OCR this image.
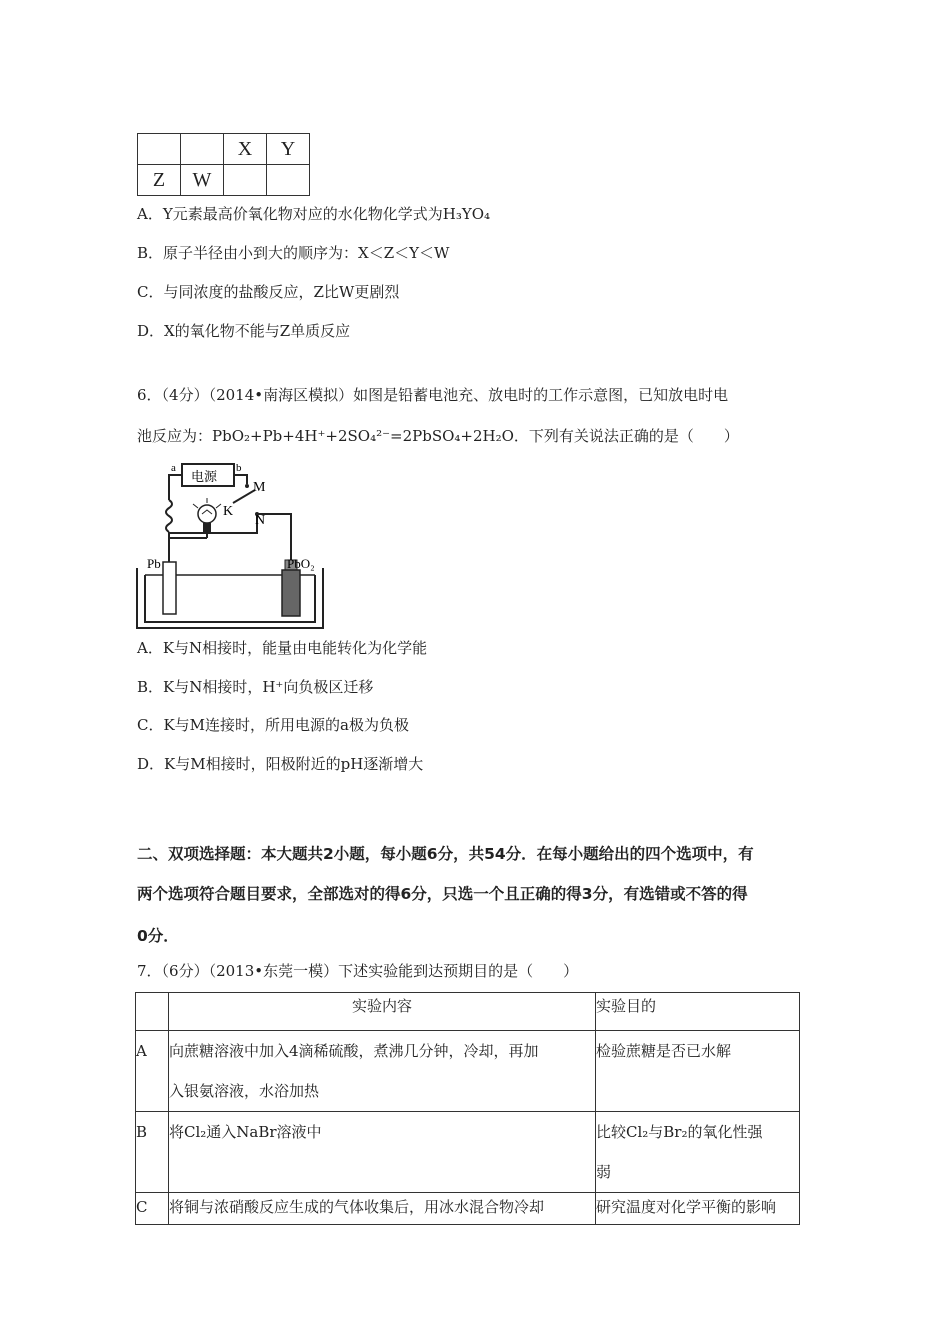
		X	Y
Z	W		
A．Y元素最高价氧化物对应的水化物化学式为H₃YO₄
B．原子半径由小到大的顺序为：X＜Z＜Y＜W
C．与同浓度的盐酸反应，Z比W更剧烈
D．X的氧化物不能与Z单质反应
6．（4分）（2014•南海区模拟）如图是铅蓄电池充、放电时的工作示意图，已知放电时电
池反应为：PbO₂+Pb+4H⁺+2SO₄²⁻=2PbSO₄+2H₂O．下列有关说法正确的是（　　）
a	b
电源
M
N
K
Pb	PbO₂
A．K与N相接时，能量由电能转化为化学能
B．K与N相接时，H⁺向负极区迁移
C．K与M连接时，所用电源的a极为负极
D．K与M相接时，阳极附近的pH逐渐增大
二、双项选择题：本大题共2小题，每小题6分，共54分．在每小题给出的四个选项中，有
两个选项符合题目要求，全部选对的得6分，只选一个且正确的得3分，有选错或不答的得
0分．
7．（6分）（2013•东莞一模）下述实验能到达预期目的是（　　）
	实验内容	实验目的
A	向蔗糖溶液中加入4滴稀硫酸，煮沸几分钟，冷却，再加
入银氨溶液，水浴加热	检验蔗糖是否已水解

B	将Cl₂通入NaBr溶液中	比较Cl₂与Br₂的氧化性强
弱

C	将铜与浓硝酸反应生成的气体收集后，用冰水混合物冷却	研究温度对化学平衡的影响
